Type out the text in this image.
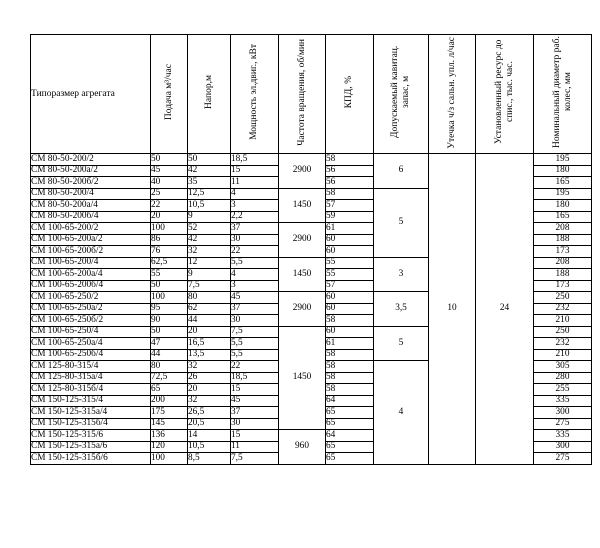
Типоразмер агрегата	Подача м³/час	Напор,м	Мощность эл.двиг., кВт	Частота вращения, об/мин	КПД, %	Допускаемый кавитац. запас, м	Утечка ч/з сальн. упл. л/час	Установленный ресурс до спис., тыс. час.	Номинальный диаметр раб. колес, мм
СМ 80-50-200/2	50	50	18,5	2900	58	6	10	24	195
СМ 80-50-200а/2	45	42	15		56				180
СМ 80-50-200б/2	40	35	11		56				165
СМ 80-50-200/4	25	12,5	4	1450	58	5			195
СМ 80-50-200а/4	22	10,5	3		57				180
СМ 80-50-200б/4	20	9	2,2		59				165
СМ 100-65-200/2	100	52	37	2900	61				208
СМ 100-65-200а/2	86	42	30		60				188
СМ 100-65-200б/2	76	32	22		60				173
СМ 100-65-200/4	62,5	12	5,5	1450	55	3			208
СМ 100-65-200а/4	55	9	4		55				188
СМ 100-65-200б/4	50	7,5	3		57				173
СМ 100-65-250/2	100	80	45	2900	60	3,5			250
СМ 100-65-250а/2	95	62	37		60				232
СМ 100-65-250б/2	90	44	30		58				210
СМ 100-65-250/4	50	20	7,5	1450	60	5			250
СМ 100-65-250а/4	47	16,5	5,5		61				232
СМ 100-65-250б/4	44	13,5	5,5		58				210
СМ 125-80-315/4	80	32	22		58	4			305
СМ 125-80-315а/4	72,5	26	18,5		58				280
СМ 125-80-315б/4	65	20	15		58				255
СМ 150-125-315/4	200	32	45		64				335
СМ 150-125-315а/4	175	26,5	37		65				300
СМ 150-125-315б/4	145	20,5	30		65				275
СМ 150-125-315/6	136	14	15	960	64				335
СМ 150-125-315а/6	120	10,5	11		65				300
СМ 150-125-315б/6	100	8,5	7,5		65				275
